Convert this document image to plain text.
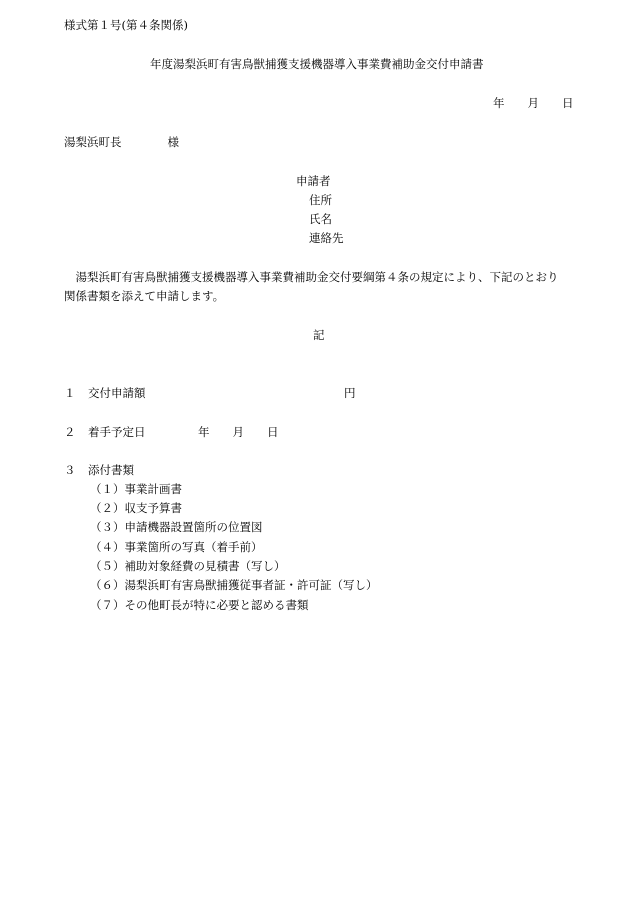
様式第１号(第４条関係)
年度湯梨浜町有害鳥獣捕獲支援機器導入事業費補助金交付申請書
年　　月　　日
湯梨浜町長　　　　様
申請者
住所
氏名
連絡先
　湯梨浜町有害鳥獣捕獲支援機器導入事業費補助金交付要綱第４条の規定により、下記のとおり
関係書類を添えて申請します。
記
１ 交付申請額	円
２ 着手予定日	年　　月　　日
３ 添付書類
（１）事業計画書
（２）収支予算書
（３）申請機器設置箇所の位置図
（４）事業箇所の写真（着手前）
（５）補助対象経費の見積書（写し）
（６）湯梨浜町有害鳥獣捕獲従事者証・許可証（写し）
（７）その他町長が特に必要と認める書類
